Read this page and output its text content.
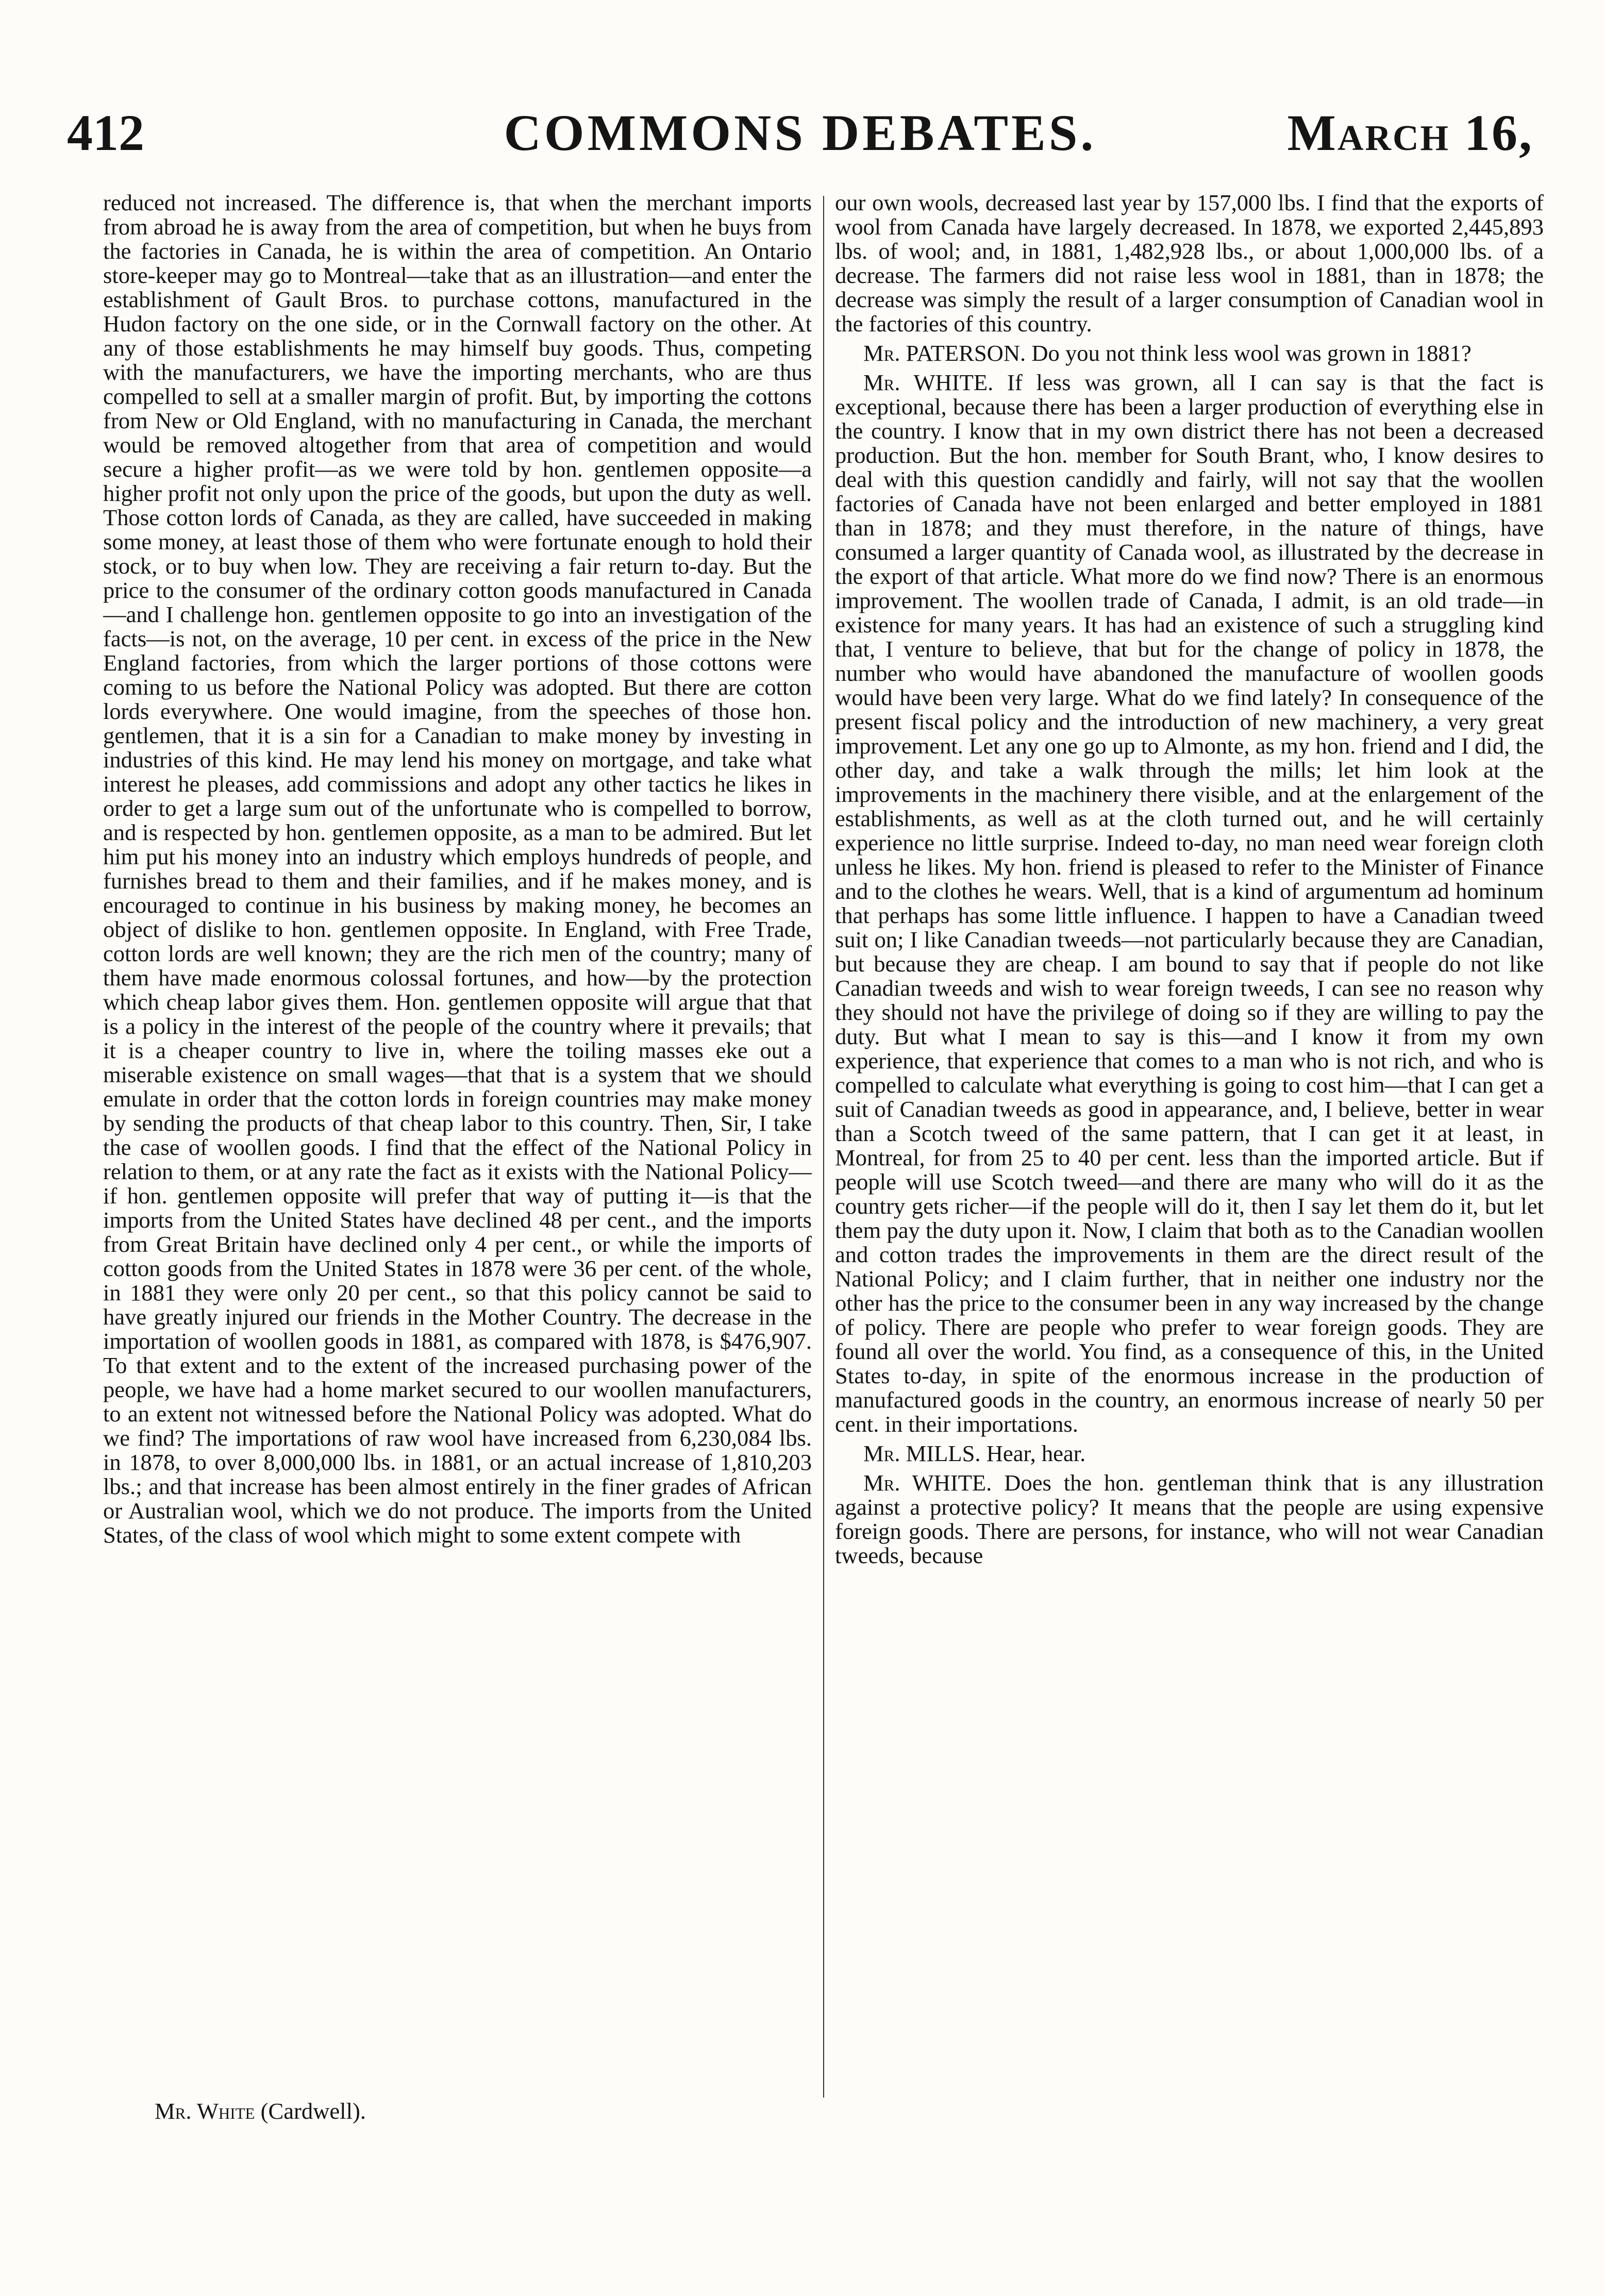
412	COMMONS DEBATES.	March 16,

reduced not increased. The difference is, that when the merchant imports from abroad he is away from the area of competition, but when he buys from the factories in Canada, he is within the area of competition. An Ontario store-keeper may go to Montreal—take that as an illustration—and enter the establishment of Gault Bros. to purchase cottons, manufactured in the Hudon factory on the one side, or in the Cornwall factory on the other. At any of those establishments he may himself buy goods. Thus, competing with the manufacturers, we have the importing merchants, who are thus compelled to sell at a smaller margin of profit. But, by importing the cottons from New or Old England, with no manufacturing in Canada, the merchant would be removed altogether from that area of competition and would secure a higher profit—as we were told by hon. gentlemen opposite—a higher profit not only upon the price of the goods, but upon the duty as well. Those cotton lords of Canada, as they are called, have succeeded in making some money, at least those of them who were fortunate enough to hold their stock, or to buy when low. They are receiving a fair return to-day. But the price to the consumer of the ordinary cotton goods manufactured in Canada—and I challenge hon. gentlemen opposite to go into an investigation of the facts—is not, on the average, 10 per cent. in excess of the price in the New England factories, from which the larger portions of those cottons were coming to us before the National Policy was adopted. But there are cotton lords everywhere. One would imagine, from the speeches of those hon. gentlemen, that it is a sin for a Canadian to make money by investing in industries of this kind. He may lend his money on mortgage, and take what interest he pleases, add commissions and adopt any other tactics he likes in order to get a large sum out of the unfortunate who is compelled to borrow, and is respected by hon. gentlemen opposite, as a man to be admired. But let him put his money into an industry which employs hundreds of people, and furnishes bread to them and their families, and if he makes money, and is encouraged to continue in his business by making money, he becomes an object of dislike to hon. gentlemen opposite. In England, with Free Trade, cotton lords are well known; they are the rich men of the country; many of them have made enormous colossal fortunes, and how—by the protection which cheap labor gives them. Hon. gentlemen opposite will argue that that is a policy in the interest of the people of the country where it prevails; that it is a cheaper country to live in, where the toiling masses eke out a miserable existence on small wages—that that is a system that we should emulate in order that the cotton lords in foreign countries may make money by sending the products of that cheap labor to this country. Then, Sir, I take the case of woollen goods. I find that the effect of the National Policy in relation to them, or at any rate the fact as it exists with the National Policy—if hon. gentlemen opposite will prefer that way of putting it—is that the imports from the United States have declined 48 per cent., and the imports from Great Britain have declined only 4 per cent., or while the imports of cotton goods from the United States in 1878 were 36 per cent. of the whole, in 1881 they were only 20 per cent., so that this policy cannot be said to have greatly injured our friends in the Mother Country. The decrease in the importation of woollen goods in 1881, as compared with 1878, is $476,907. To that extent and to the extent of the increased purchasing power of the people, we have had a home market secured to our woollen manufacturers, to an extent not witnessed before the National Policy was adopted. What do we find? The importations of raw wool have increased from 6,230,084 lbs. in 1878, to over 8,000,000 lbs. in 1881, or an actual increase of 1,810,203 lbs.; and that increase has been almost entirely in the finer grades of African or Australian wool, which we do not produce. The imports from the United States, of the class of wool which might to some extent compete with

our own wools, decreased last year by 157,000 lbs. I find that the exports of wool from Canada have largely decreased. In 1878, we exported 2,445,893 lbs. of wool; and, in 1881, 1,482,928 lbs., or about 1,000,000 lbs. of a decrease. The farmers did not raise less wool in 1881, than in 1878; the decrease was simply the result of a larger consumption of Canadian wool in the factories of this country.

Mr. PATERSON. Do you not think less wool was grown in 1881?

Mr. WHITE. If less was grown, all I can say is that the fact is exceptional, because there has been a larger production of everything else in the country. I know that in my own district there has not been a decreased production. But the hon. member for South Brant, who, I know desires to deal with this question candidly and fairly, will not say that the woollen factories of Canada have not been enlarged and better employed in 1881 than in 1878; and they must therefore, in the nature of things, have consumed a larger quantity of Canada wool, as illustrated by the decrease in the export of that article. What more do we find now? There is an enormous improvement. The woollen trade of Canada, I admit, is an old trade—in existence for many years. It has had an existence of such a struggling kind that, I venture to believe, that but for the change of policy in 1878, the number who would have abandoned the manufacture of woollen goods would have been very large. What do we find lately? In consequence of the present fiscal policy and the introduction of new machinery, a very great improvement. Let any one go up to Almonte, as my hon. friend and I did, the other day, and take a walk through the mills; let him look at the improvements in the machinery there visible, and at the enlargement of the establishments, as well as at the cloth turned out, and he will certainly experience no little surprise. Indeed to-day, no man need wear foreign cloth unless he likes. My hon. friend is pleased to refer to the Minister of Finance and to the clothes he wears. Well, that is a kind of argumentum ad hominum that perhaps has some little influence. I happen to have a Canadian tweed suit on; I like Canadian tweeds—not particularly because they are Canadian, but because they are cheap. I am bound to say that if people do not like Canadian tweeds and wish to wear foreign tweeds, I can see no reason why they should not have the privilege of doing so if they are willing to pay the duty. But what I mean to say is this—and I know it from my own experience, that experience that comes to a man who is not rich, and who is compelled to calculate what everything is going to cost him—that I can get a suit of Canadian tweeds as good in appearance, and, I believe, better in wear than a Scotch tweed of the same pattern, that I can get it at least, in Montreal, for from 25 to 40 per cent. less than the imported article. But if people will use Scotch tweed—and there are many who will do it as the country gets richer—if the people will do it, then I say let them do it, but let them pay the duty upon it. Now, I claim that both as to the Canadian woollen and cotton trades the improvements in them are the direct result of the National Policy; and I claim further, that in neither one industry nor the other has the price to the consumer been in any way increased by the change of policy. There are people who prefer to wear foreign goods. They are found all over the world. You find, as a consequence of this, in the United States to-day, in spite of the enormous increase in the production of manufactured goods in the country, an enormous increase of nearly 50 per cent. in their importations.

Mr. MILLS. Hear, hear.

Mr. WHITE. Does the hon. gentleman think that is any illustration against a protective policy? It means that the people are using expensive foreign goods. There are persons, for instance, who will not wear Canadian tweeds, because

Mr. White (Cardwell).
